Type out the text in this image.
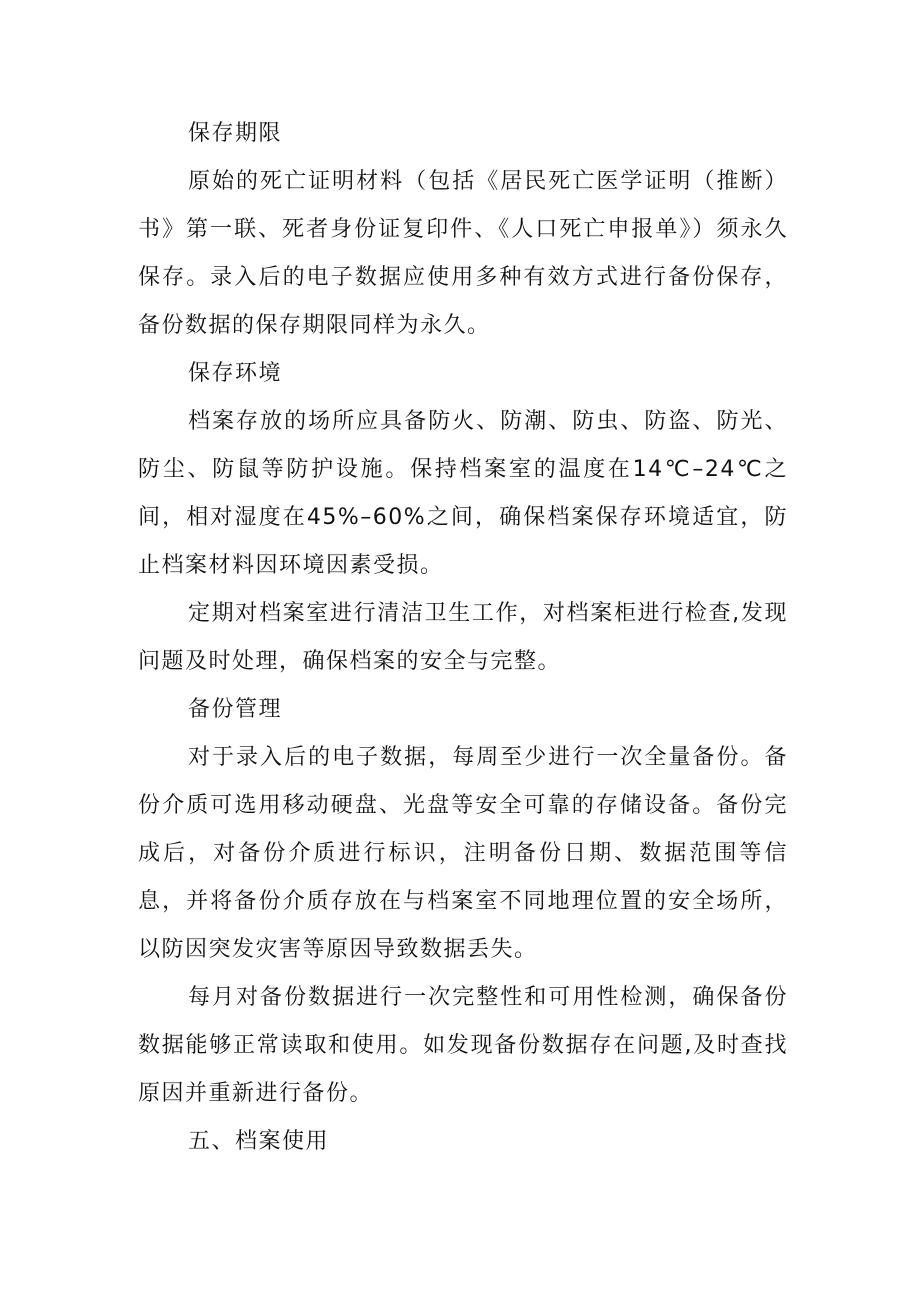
保存期限

原始的死亡证明材料（包括《居民死亡医学证明（推断）书》第一联、死者身份证复印件、《人口死亡申报单》）须永久保存。录入后的电子数据应使用多种有效方式进行备份保存，备份数据的保存期限同样为永久。

保存环境

档案存放的场所应具备防火、防潮、防虫、防盗、防光、防尘、防鼠等防护设施。保持档案室的温度在14℃–24℃之间，相对湿度在45%–60%之间，确保档案保存环境适宜，防止档案材料因环境因素受损。

定期对档案室进行清洁卫生工作，对档案柜进行检查,发现问题及时处理，确保档案的安全与完整。

备份管理

对于录入后的电子数据，每周至少进行一次全量备份。备份介质可选用移动硬盘、光盘等安全可靠的存储设备。备份完成后，对备份介质进行标识，注明备份日期、数据范围等信息，并将备份介质存放在与档案室不同地理位置的安全场所，以防因突发灾害等原因导致数据丢失。

每月对备份数据进行一次完整性和可用性检测，确保备份数据能够正常读取和使用。如发现备份数据存在问题,及时查找原因并重新进行备份。

五、档案使用
